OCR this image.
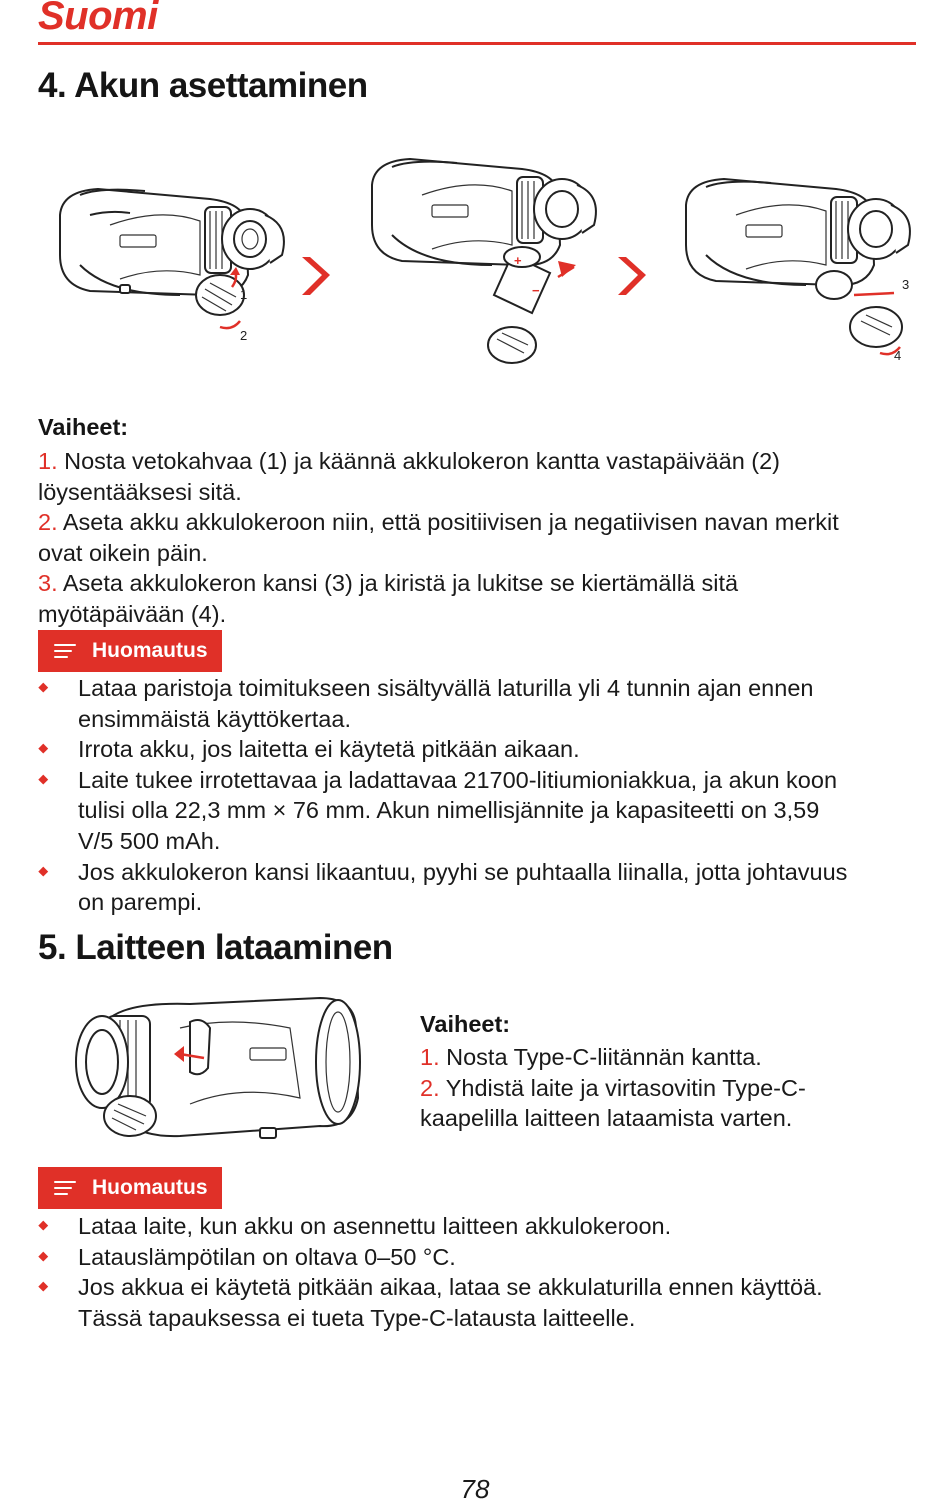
Suomi
4. Akun asettaminen
1
2
+
−	3
4
Vaiheet:
1. Nosta vetokahvaa (1) ja käännä akkulokeron kantta vastapäivään (2)
löysentääksesi sitä.
2. Aseta akku akkulokeroon niin, että positiivisen ja negatiivisen navan merkit
ovat oikein päin.
3. Aseta akkulokeron kansi (3) ja kiristä ja lukitse se kiertämällä sitä
myötäpäivään (4).
Huomautus
Lataa paristoja toimitukseen sisältyvällä laturilla yli 4 tunnin ajan ennen
ensimmäistä käyttökertaa.
Irrota akku, jos laitetta ei käytetä pitkään aikaan.
Laite tukee irrotettavaa ja ladattavaa 21700-litiumioniakkua, ja akun koon
tulisi olla 22,3 mm × 76 mm. Akun nimellisjännite ja kapasiteetti on 3,59
V/5 500 mAh.
Jos akkulokeron kansi likaantuu, pyyhi se puhtaalla liinalla, jotta johtavuus
on parempi.
5. Laitteen lataaminen
Vaiheet:
1. Nosta Type-C-liitännän kantta.
2. Yhdistä laite ja virtasovitin Type-C-
kaapelilla laitteen lataamista varten.
Huomautus
Lataa laite, kun akku on asennettu laitteen akkulokeroon.
Latauslämpötilan on oltava 0–50 °C.
Jos akkua ei käytetä pitkään aikaa, lataa se akkulaturilla ennen käyttöä.
Tässä tapauksessa ei tueta Type-C-latausta laitteelle.
78
